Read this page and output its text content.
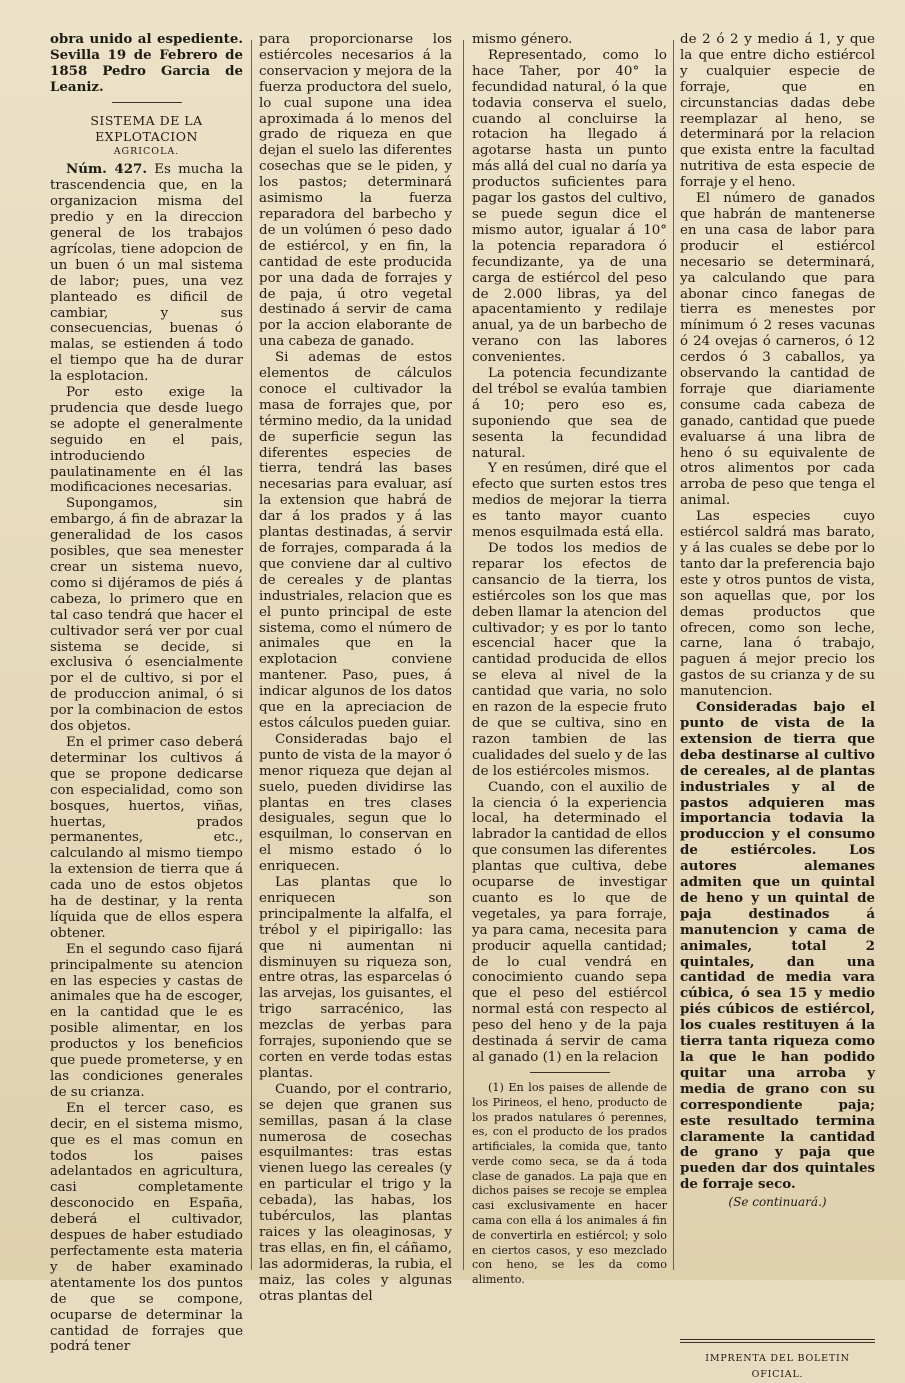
obra unido al espediente. Sevilla 19 de Febrero de 1858 Pedro Garcia de Leaniz.

SISTEMA DE LA EXPLOTACION

AGRICOLA.

Núm. 427. Es mucha la trascendencia que, en la organizacion misma del predio y en la direccion general de los trabajos agrícolas, tiene adopcion de un buen ó un mal sistema de labor; pues, una vez planteado es dificil de cambiar, y sus consecuencias, buenas ó malas, se estienden á todo el tiempo que ha de durar la esplotacion.

Por esto exige la prudencia que desde luego se adopte el generalmente seguido en el pais, introduciendo paulatinamente en él las modificaciones necesarias.

Supongamos, sin embargo, á fin de abrazar la generalidad de los casos posibles, que sea menester crear un sistema nuevo, como si dijéramos de piés á cabeza, lo primero que en tal caso tendrá que hacer el cultivador será ver por cual sistema se decide, si exclusiva ó esencialmente por el de cultivo, si por el de produccion animal, ó si por la combinacion de estos dos objetos.

En el primer caso deberá determinar los cultivos á que se propone dedicarse con especialidad, como son bosques, huertos, viñas, huertas, prados permanentes, etc., calculando al mismo tiempo la extension de tierra que á cada uno de estos objetos ha de destinar, y la renta líquida que de ellos espera obtener.

En el segundo caso fijará principalmente su atencion en las especies y castas de animales que ha de escoger, en la cantidad que le es posible alimentar, en los productos y los beneficios que puede prometerse, y en las condiciones generales de su crianza.

En el tercer caso, es decir, en el sistema mismo, que es el mas comun en todos los paises adelantados en agricultura, casi completamente desconocido en España, deberá el cultivador, despues de haber estudiado perfectamente esta materia y de haber examinado atentamente los dos puntos de que se compone, ocuparse de determinar la cantidad de forrajes que podrá tener

para proporcionarse los estiércoles necesarios á la conservacion y mejora de la fuerza productora del suelo, lo cual supone una idea aproximada á lo menos del grado de riqueza en que dejan el suelo las diferentes cosechas que se le piden, y los pastos; determinará asimismo la fuerza reparadora del barbecho y de un volúmen ó peso dado de estiércol, y en fin, la cantidad de este producida por una dada de forrajes y de paja, ú otro vegetal destinado á servir de cama por la accion elaborante de una cabeza de ganado.

Si ademas de estos elementos de cálculos conoce el cultivador la masa de forrajes que, por término medio, da la unidad de superficie segun las diferentes especies de tierra, tendrá las bases necesarias para evaluar, así la extension que habrá de dar á los prados y á las plantas destinadas, á servir de forrajes, comparada á la que conviene dar al cultivo de cereales y de plantas industriales, relacion que es el punto principal de este sistema, como el número de animales que en la explotacion conviene mantener. Paso, pues, á indicar algunos de los datos que en la apreciacion de estos cálculos pueden guiar.

Consideradas bajo el punto de vista de la mayor ó menor riqueza que dejan al suelo, pueden dividirse las plantas en tres clases desiguales, segun que lo esquilman, lo conservan en el mismo estado ó lo enriquecen.

Las plantas que lo enriquecen son principalmente la alfalfa, el trébol y el pipirigallo: las que ni aumentan ni disminuyen su riqueza son, entre otras, las esparcelas ó las arvejas, los guisantes, el trigo sarracénico, las mezclas de yerbas para forrajes, suponiendo que se corten en verde todas estas plantas.

Cuando, por el contrario, se dejen que granen sus semillas, pasan á la clase numerosa de cosechas esquilmantes: tras estas vienen luego las cereales (y en particular el trigo y la cebada), las habas, los tubérculos, las plantas raices y las oleaginosas, y tras ellas, en fin, el cáñamo, las adormideras, la rubia, el maiz, las coles y algunas otras plantas del

mismo género.

Representado, como lo hace Taher, por 40° la fecundidad natural, ó la que todavia conserva el suelo, cuando al concluirse la rotacion ha llegado á agotarse hasta un punto más allá del cual no daría ya productos suficientes para pagar los gastos del cultivo, se puede segun dice el mismo autor, igualar á 10° la potencia reparadora ó fecundizante, ya de una carga de estiércol del peso de 2.000 libras, ya del apacentamiento y redilaje anual, ya de un barbecho de verano con las labores convenientes.

La potencia fecundizante del trébol se evalúa tambien á 10; pero eso es, suponiendo que sea de sesenta la fecundidad natural.

Y en resúmen, diré que el efecto que surten estos tres medios de mejorar la tierra es tanto mayor cuanto menos esquilmada está ella.

De todos los medios de reparar los efectos de cansancio de la tierra, los estiércoles son los que mas deben llamar la atencion del cultivador; y es por lo tanto escencial hacer que la cantidad producida de ellos se eleva al nivel de la cantidad que varia, no solo en razon de la especie fruto de que se cultiva, sino en razon tambien de las cualidades del suelo y de las de los estiércoles mismos.

Cuando, con el auxilio de la ciencia ó la experiencia local, ha determinado el labrador la cantidad de ellos que consumen las diferentes plantas que cultiva, debe ocuparse de investigar cuanto es lo que de vegetales, ya para forraje, ya para cama, necesita para producir aquella cantidad; de lo cual vendrá en conocimiento cuando sepa que el peso del estiércol normal está con respecto al peso del heno y de la paja destinada á servir de cama al ganado (1) en la relacion

(1) En los paises de allende de los Pirineos, el heno, producto de los prados natulares ó perennes, es, con el producto de los prados artificiales, la comida que, tanto verde como seca, se da á toda clase de ganados. La paja que en dichos paises se recoje se emplea casi exclusivamente en hacer cama con ella á los animales á fin de convertirla en estiércol; y solo en ciertos casos, y eso mezclado con heno, se les da como alimento.

de 2 ó 2 y medio á 1, y que la que entre dicho estiércol y cualquier especie de forraje, que en circunstancias dadas debe reemplazar al heno, se determinará por la relacion que exista entre la facultad nutritiva de esta especie de forraje y el heno.

El número de ganados que habrán de mantenerse en una casa de labor para producir el estiércol necesario se determinará, ya calculando que para abonar cinco fanegas de tierra es menestes por mínimum ó 2 reses vacunas ó 24 ovejas ó carneros, ó 12 cerdos ó 3 caballos, ya observando la cantidad de forraje que diariamente consume cada cabeza de ganado, cantidad que puede evaluarse á una libra de heno ó su equivalente de otros alimentos por cada arroba de peso que tenga el animal.

Las especies cuyo estiércol saldrá mas barato, y á las cuales se debe por lo tanto dar la preferencia bajo este y otros puntos de vista, son aquellas que, por los demas productos que ofrecen, como son leche, carne, lana ó trabajo, paguen á mejor precio los gastos de su crianza y de su manutencion.

Consideradas bajo el punto de vista de la extension de tierra que deba destinarse al cultivo de cereales, al de plantas industriales y al de pastos adquieren mas importancia todavia la produccion y el consumo de estiércoles. Los autores alemanes admiten que un quintal de heno y un quintal de paja destinados á manutencion y cama de animales, total 2 quintales, dan una cantidad de media vara cúbica, ó sea 15 y medio piés cúbicos de estiércol, los cuales restituyen á la tierra tanta riqueza como la que le han podido quitar una arroba y media de grano con su correspondiente paja; este resultado termina claramente la cantidad de grano y paja que pueden dar dos quintales de forraje seco.

(Se continuará.)

IMPRENTA DEL BOLETIN OFICIAL.
